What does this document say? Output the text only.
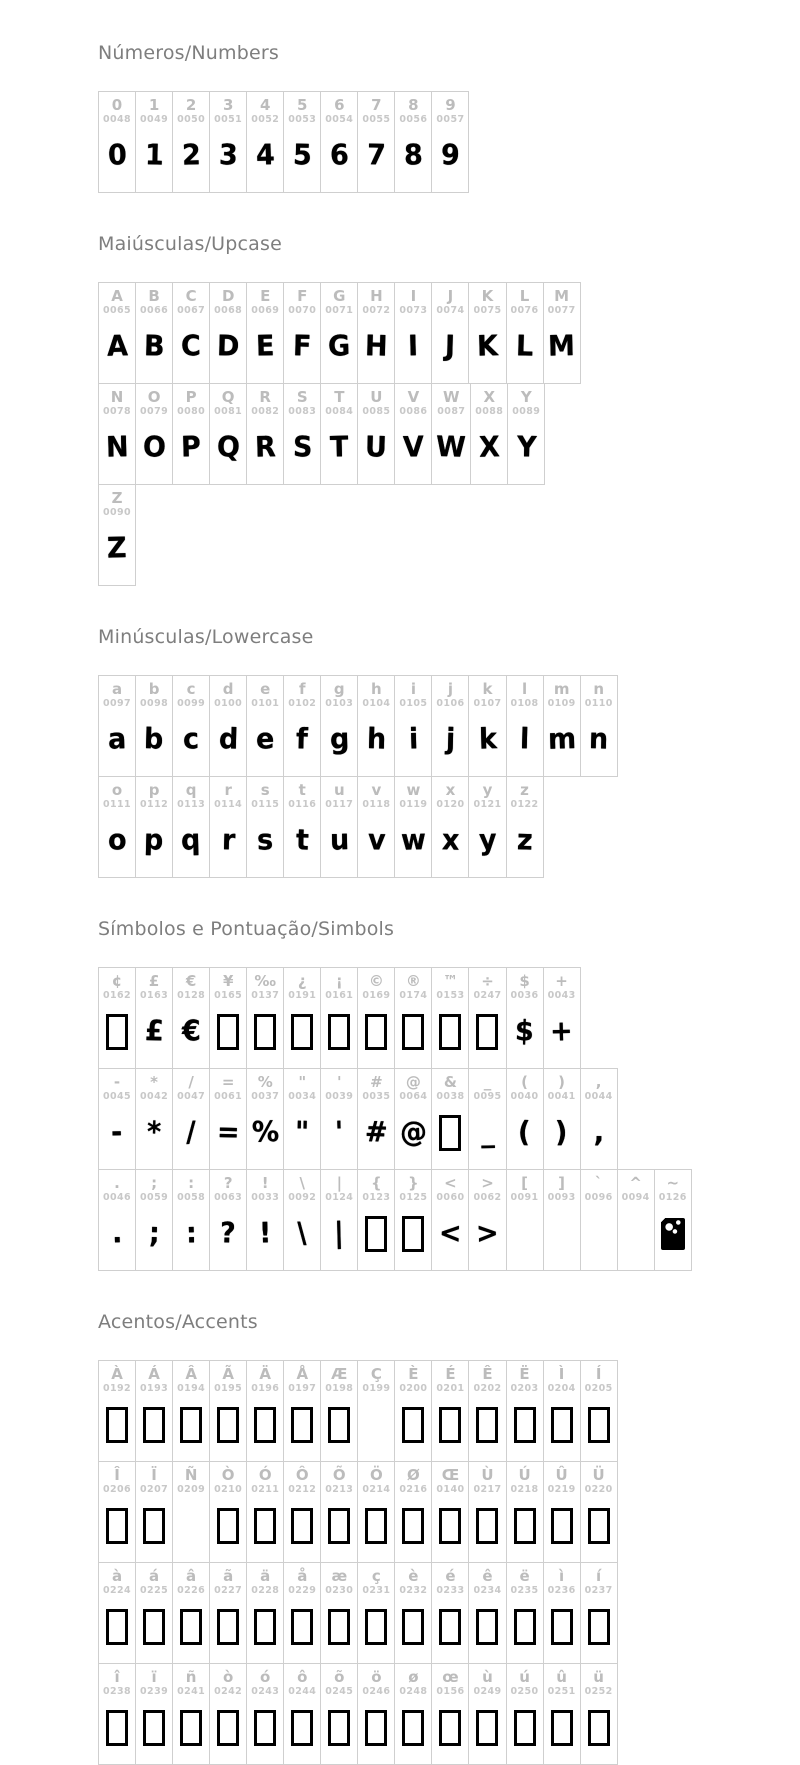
Números/Numbers
0
0048
0
1
0049
1
2
0050
2
3
0051
3
4
0052
4
5
0053
5
6
0054
6
7
0055
7
8
0056
8
9
0057
9
Maiúsculas/Upcase
A
0065
A
B
0066
B
C
0067
C
D
0068
D
E
0069
E
F
0070
F
G
0071
G
H
0072
H
I
0073
I
J
0074
J
K
0075
K
L
0076
L
M
0077
M
N
0078
N
O
0079
O
P
0080
P
Q
0081
Q
R
0082
R
S
0083
S
T
0084
T
U
0085
U
V
0086
V
W
0087
W
X
0088
X
Y
0089
Y
Z
0090
Z
Minúsculas/Lowercase
a
0097
a
b
0098
b
c
0099
c
d
0100
d
e
0101
e
f
0102
f
g
0103
g
h
0104
h
i
0105
i
j
0106
j
k
0107
k
l
0108
l
m
0109
m
n
0110
n
o
0111
o
p
0112
p
q
0113
q
r
0114
r
s
0115
s
t
0116
t
u
0117
u
v
0118
v
w
0119
w
x
0120
x
y
0121
y
z
0122
z
Símbolos e Pontuação/Simbols
¢
0162
£
0163
£
€
0128
€
¥
0165
‰
0137
¿
0191
¡
0161
©
0169
®
0174
™
0153
÷
0247
$
0036
$
+
0043
+
-
0045
-
*
0042
*
/
0047
/
=
0061
=
%
0037
%
"
0034
"
'
0039
'
#
0035
#
@
0064
@
&
0038
_
0095
_
(
0040
(
)
0041
)
,
0044
,
.
0046
.
;
0059
;
:
0058
:
?
0063
?
!
0033
!
\
0092
\
|
0124
|
{
0123
}
0125
<
0060
<
>
0062
>
[
0091
]
0093
`
0096
^
0094
~
0126
Acentos/Accents
À
0192
Á
0193
Â
0194
Ã
0195
Ä
0196
Å
0197
Æ
0198
Ç
0199
È
0200
É
0201
Ê
0202
Ë
0203
Ì
0204
Í
0205
Î
0206
Ï
0207
Ñ
0209
Ò
0210
Ó
0211
Ô
0212
Õ
0213
Ö
0214
Ø
0216
Œ
0140
Ù
0217
Ú
0218
Û
0219
Ü
0220
à
0224
á
0225
â
0226
ã
0227
ä
0228
å
0229
æ
0230
ç
0231
è
0232
é
0233
ê
0234
ë
0235
ì
0236
í
0237
î
0238
ï
0239
ñ
0241
ò
0242
ó
0243
ô
0244
õ
0245
ö
0246
ø
0248
œ
0156
ù
0249
ú
0250
û
0251
ü
0252
